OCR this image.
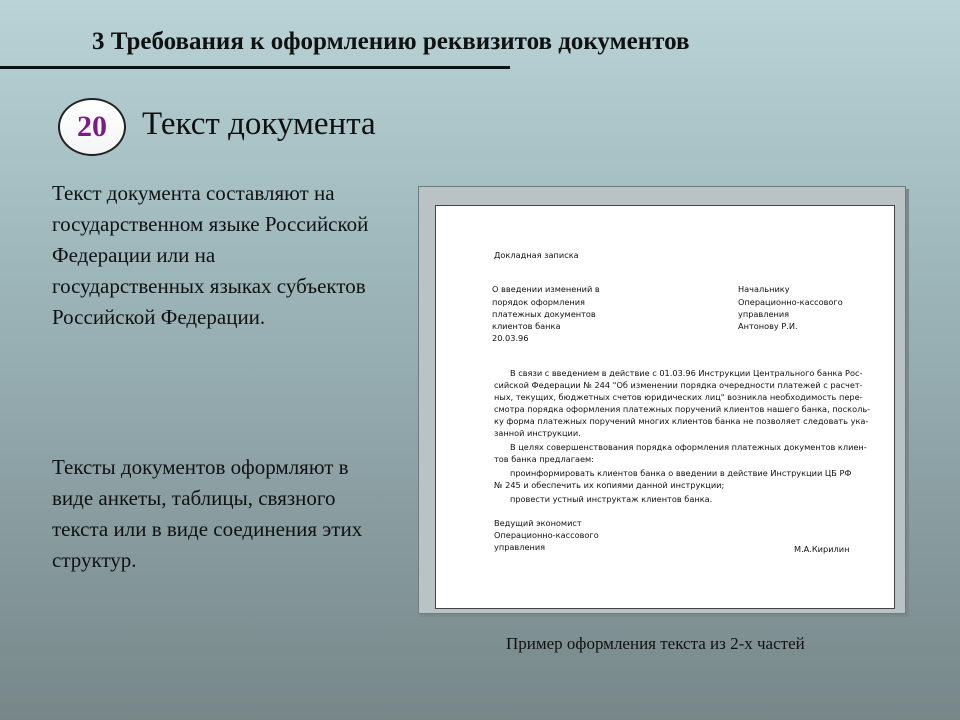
3 Требования к оформлению реквизитов документов
20	Текст документа
Текст документа составляют на государственном языке Российской Федерации или на государственных языках субъектов Российской Федерации.
Тексты документов оформляют в виде анкеты, таблицы, связного текста или в виде соединения этих структур.
Докладная записка
О введении изменений в
порядок оформления
платежных документов
клиентов банка
20.03.96
Начальнику
Операционно-кассового
управления
Антонову Р.И.
В связи с введением в действие с 01.03.96 Инструкции Центрального банка Рос-
сийской Федерации № 244 "Об изменении порядка очередности платежей с расчет-
ных, текущих, бюджетных счетов юридических лиц" возникла необходимость пере-
смотра порядка оформления платежных поручений клиентов нашего банка, посколь-
ку форма платежных поручений многих клиентов банка не позволяет следовать ука-
занной инструкции.
В целях совершенствования порядка оформления платежных документов клиен-
тов банка предлагаем:
проинформировать клиентов банка о введении в действие Инструкции ЦБ РФ
№ 245 и обеспечить их копиями данной инструкции;
провести устный инструктаж клиентов банка.
Ведущий экономист
Операционно-кассового
управления	М.А.Кирилин
Пример оформления текста из 2-х частей
